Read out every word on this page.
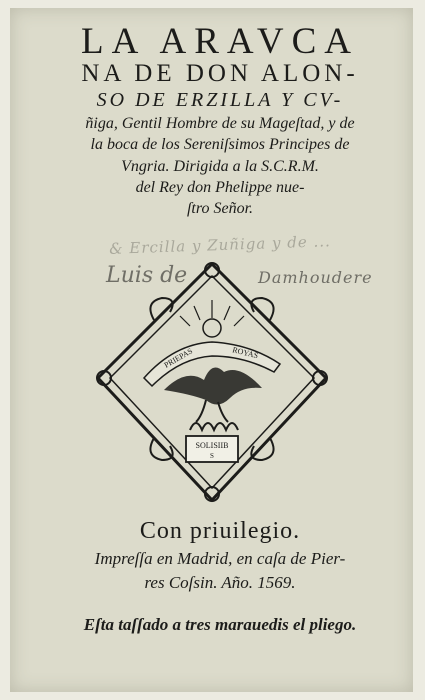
LA ARAVCA
NA DE DON ALON-
SO DE ERZILLA Y CV-
ñiga, Gentil Hombre de su Mageſtad, y de
la boca de los Sereniſsimos Principes de
Vngria. Dirigida a la S.C.R.M.
del Rey don Phelippe nue-
ſtro Señor.
& Ercilla y Zuñiga y de ...
Luis de	Damhoudere
PRIEPAS	ROYAS
SOLISIIB
S
Con priuilegio.
Impreſſa en Madrid, en caſa de Pier-
res Coſsin. Año. 1569.
Eſta taſſado a tres marauedis el pliego.
